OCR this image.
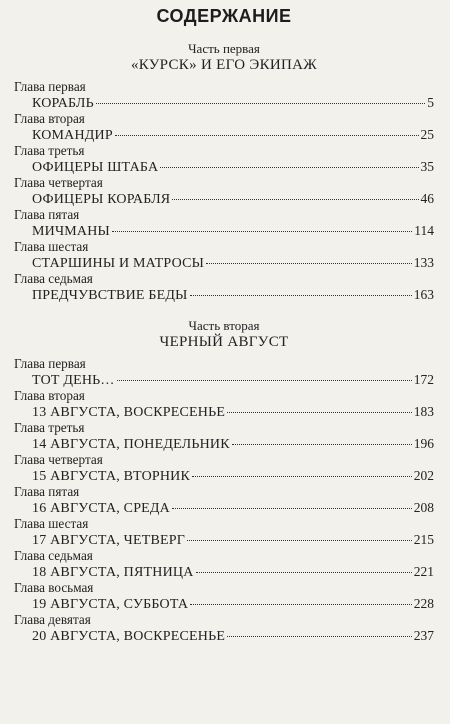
СОДЕРЖАНИЕ
Часть первая
«КУРСК» И ЕГО ЭКИПАЖ
Глава первая
КОРАБЛЬ	5
Глава вторая
КОМАНДИР	25
Глава третья
ОФИЦЕРЫ ШТАБА	35
Глава четвертая
ОФИЦЕРЫ КОРАБЛЯ	46
Глава пятая
МИЧМАНЫ	114
Глава шестая
СТАРШИНЫ И МАТРОСЫ	133
Глава седьмая
ПРЕДЧУВСТВИЕ БЕДЫ	163
Часть вторая
ЧЕРНЫЙ АВГУСТ
Глава первая
ТОТ ДЕНЬ…	172
Глава вторая
13 АВГУСТА, ВОСКРЕСЕНЬЕ	183
Глава третья
14 АВГУСТА, ПОНЕДЕЛЬНИК	196
Глава четвертая
15 АВГУСТА, ВТОРНИК	202
Глава пятая
16 АВГУСТА, СРЕДА	208
Глава шестая
17 АВГУСТА, ЧЕТВЕРГ	215
Глава седьмая
18 АВГУСТА, ПЯТНИЦА	221
Глава восьмая
19 АВГУСТА, СУББОТА	228
Глава девятая
20 АВГУСТА, ВОСКРЕСЕНЬЕ	237
